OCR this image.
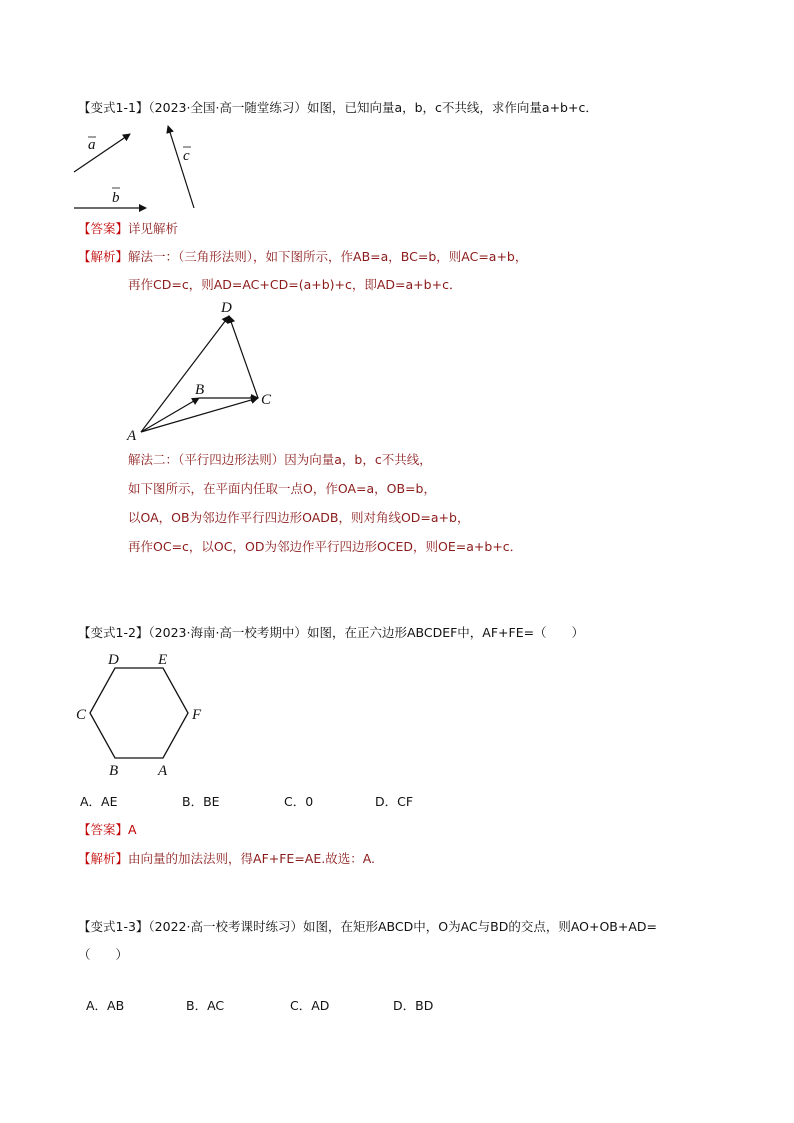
【变式1-1】（2023·全国·高一随堂练习）如图，已知向量a，b，c不共线，求作向量a+b+c．
a
b
c
【答案】详见解析
【解析】解法一：（三角形法则），如下图所示，作AB=a，BC=b，则AC=a+b，
再作CD=c，则AD=AC+CD=(a+b)+c，即AD=a+b+c．
A
B
C
D
解法二：（平行四边形法则）因为向量a，b，c不共线，
如下图所示，在平面内任取一点O，作OA=a，OB=b，
以OA，OB为邻边作平行四边形OADB，则对角线OD=a+b，
再作OC=c，以OC，OD为邻边作平行四边形OCED，则OE=a+b+c．
【变式1-2】（2023·海南·高一校考期中）如图，在正六边形ABCDEF中，AF+FE=（　　）
D	E
C	F
B	A
A．AE	B．BE	C．0	D．CF
【答案】A
【解析】由向量的加法法则，得AF+FE=AE.故选：A.
【变式1-3】（2022·高一校考课时练习）如图，在矩形ABCD中，O为AC与BD的交点，则AO+OB+AD=
（　　）
A．AB	B．AC	C．AD	D．BD
